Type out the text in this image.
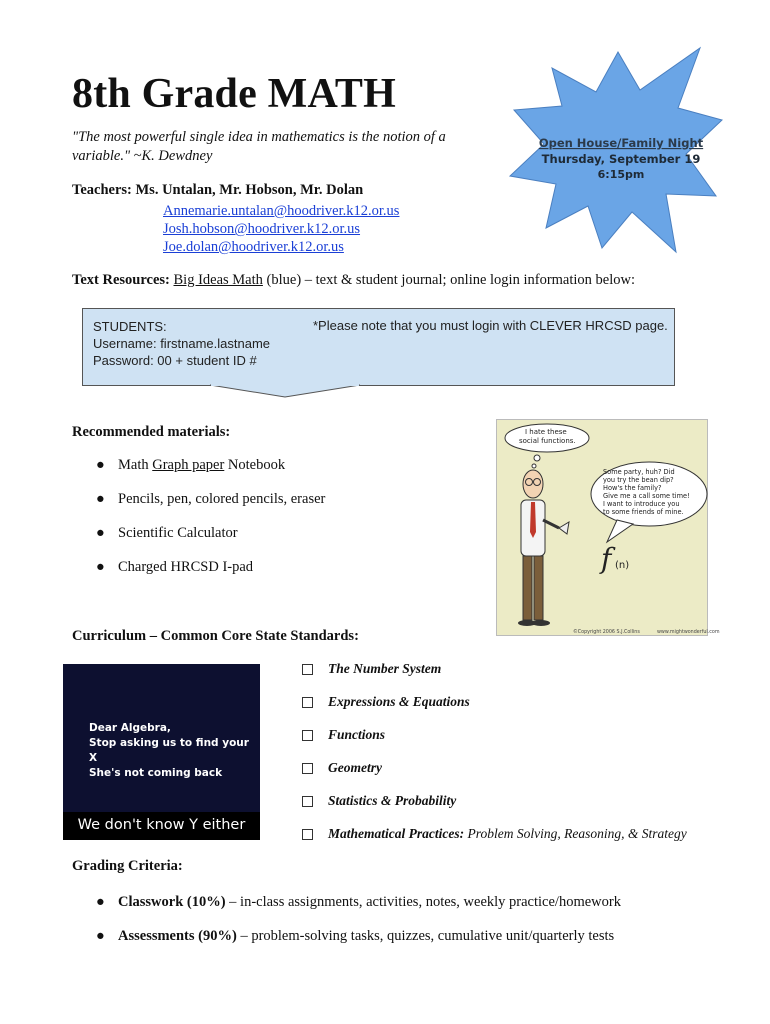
8th Grade MATH
"The most powerful single idea in mathematics is the notion of a variable." ~K. Dewdney
Open House/Family Night
Thursday, September 19
6:15pm
Teachers: Ms. Untalan, Mr. Hobson, Mr. Dolan
Annemarie.untalan@hoodriver.k12.or.us
Josh.hobson@hoodriver.k12.or.us
Joe.dolan@hoodriver.k12.or.us
Text Resources: Big Ideas Math (blue) – text & student journal; online login information below:
STUDENTS:
Username: firstname.lastname
Password: 00 + student ID #
*Please note that you must login with CLEVER HRCSD page.
Recommended materials:
● Math Graph paper Notebook
● Pencils, pen, colored pencils, eraser
● Scientific Calculator
● Charged HRCSD I-pad
I hate these
social functions.
Some party, huh? Did
you try the bean dip?
How's the family?
Give me a call some time!
I want to introduce you
to some friends of mine.
f (n)
©Copyright 2006 S.J.Collins	www.mightwonderful.com
Curriculum – Common Core State Standards:
Dear Algebra,
Stop asking us to find your X
She's not coming back
We don't know Y either
The Number System
Expressions & Equations
Functions
Geometry
Statistics & Probability
Mathematical Practices: Problem Solving, Reasoning, & Strategy
Grading Criteria:
● Classwork (10%) – in-class assignments, activities, notes, weekly practice/homework
● Assessments (90%) – problem-solving tasks, quizzes, cumulative unit/quarterly tests
